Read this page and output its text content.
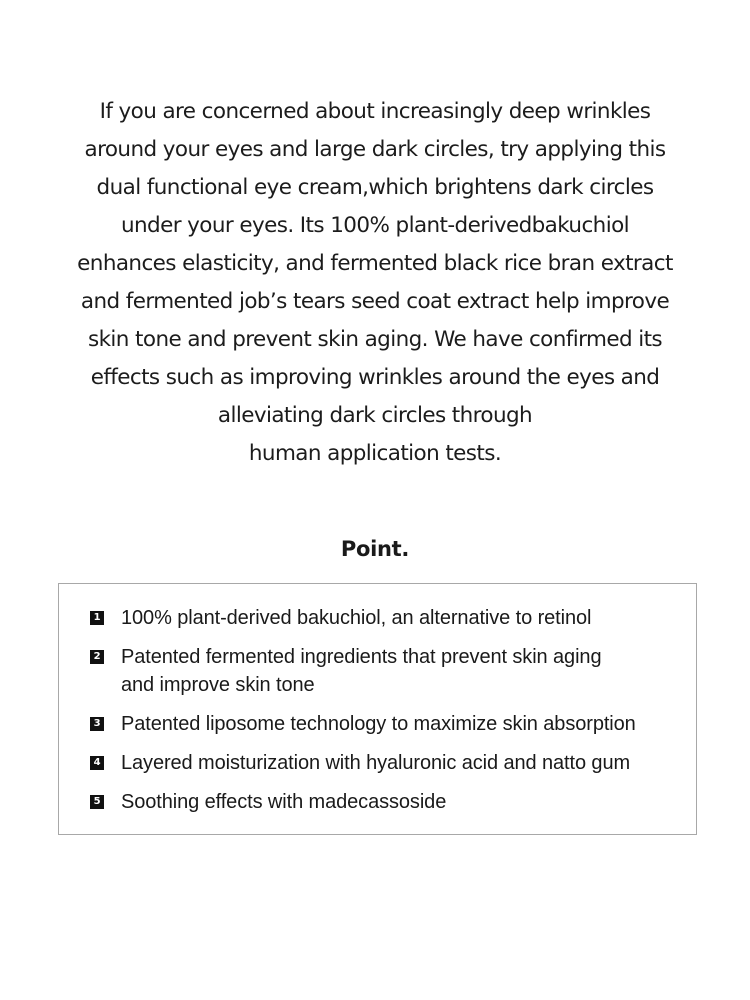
If you are concerned about increasingly deep wrinkles
around your eyes and large dark circles, try applying this
dual functional eye cream,which brightens dark circles
under your eyes. Its 100% plant-derivedbakuchiol
enhances elasticity, and fermented black rice bran extract
and fermented job’s tears seed coat extract help improve
skin tone and prevent skin aging. We have confirmed its
effects such as improving wrinkles around the eyes and
alleviating dark circles through
human application tests.
Point.
1 100% plant-derived bakuchiol, an alternative to retinol
2 Patented fermented ingredients that prevent skin aging
and improve skin tone
3 Patented liposome technology to maximize skin absorption
4 Layered moisturization with hyaluronic acid and natto gum
5 Soothing effects with madecassoside
